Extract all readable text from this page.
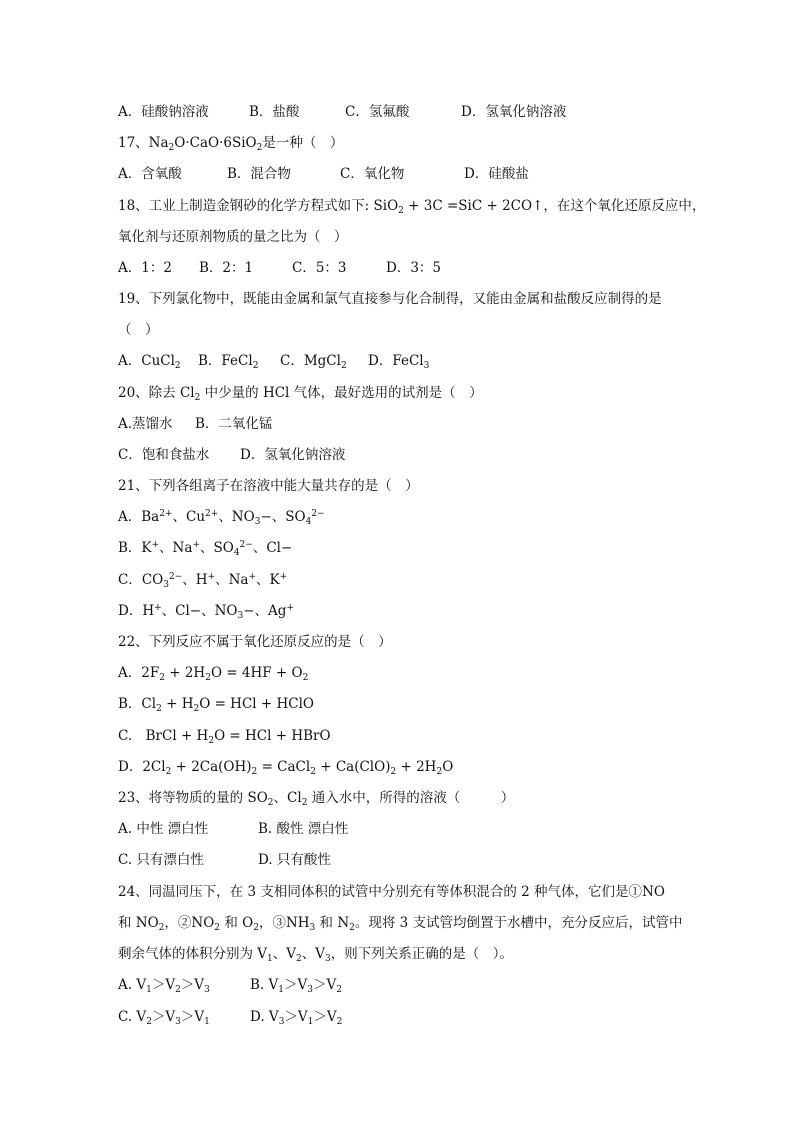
A．硅酸钠溶液	B．盐酸	C．氢氟酸	D．氢氧化钠溶液
17、$Na_2O\cdot CaO\cdot 6SiO_2$是一种（　）
A．含氧酸	B．混合物	C．氧化物	D．硅酸盐
18、工业上制造金钢砂的化学方程式如下: SiO$_2$ + 3C =SiC + 2CO↑，在这个氧化还原反应中，
氧化剂与还原剂物质的量之比为（　）
A．1：2 B．2：1	C．5：3	D．3：5
19、下列氯化物中，既能由金属和氯气直接参与化合制得，又能由金属和盐酸反应制得的是
（　）
A．CuCl$_2$ B．FeCl$_2$ C．MgCl$_2$ D．FeCl$_3$
20、除去 $Cl_2$ 中少量的 HCl 气体，最好选用的试剂是（　）
A.蒸馏水 B．二氧化锰
C．饱和食盐水 D．氢氧化钠溶液
21、下列各组离子在溶液中能大量共存的是（　）
A．$Ba^{2+}$、$Cu^{2+}$、$NO_3-$、$SO_4^{2-}$
B．K+、Na+、$SO_4^{2-}$、Cl−
C．$CO_3^{2-}$、H+、Na+、K+
D．H+、Cl−、$NO_3-$、Ag+
22、下列反应不属于氧化还原反应的是（　）
A．$2F_2 + 2H_2O = 4HF + O_2$
B．$Cl_2 + H_2O$ = HCl + HClO
C.　BrCl + $H_2O$ = HCl + HBrO
D．$2Cl_2 + 2Ca(OH)_2$ = CaCl$_2$ + $Ca(ClO)_2 + 2H_2O$
23、将等物质的量的 $SO_2$、$Cl_2$ 通入水中，所得的溶液（　　　）
A. 中性 漂白性	B. 酸性 漂白性
C. 只有漂白性	D. 只有酸性
24、同温同压下，在 3 支相同体积的试管中分别充有等体积混合的 2 种气体，它们是①NO
和 $NO_2$，$②NO_2$ 和 $O_2$，$③NH_3$ 和 $N_2$。现将 3 支试管均倒置于水槽中，充分反应后，试管中
剩余气体的体积分别为 $V_1$、$V_2$、$V_3$，则下列关系正确的是（　）。
A. $V_1>V_2>V_3$	B. $V_1>V_3>V_2$
C. $V_2>V_3>V_1$	D. $V_3>V_1>V_2$
